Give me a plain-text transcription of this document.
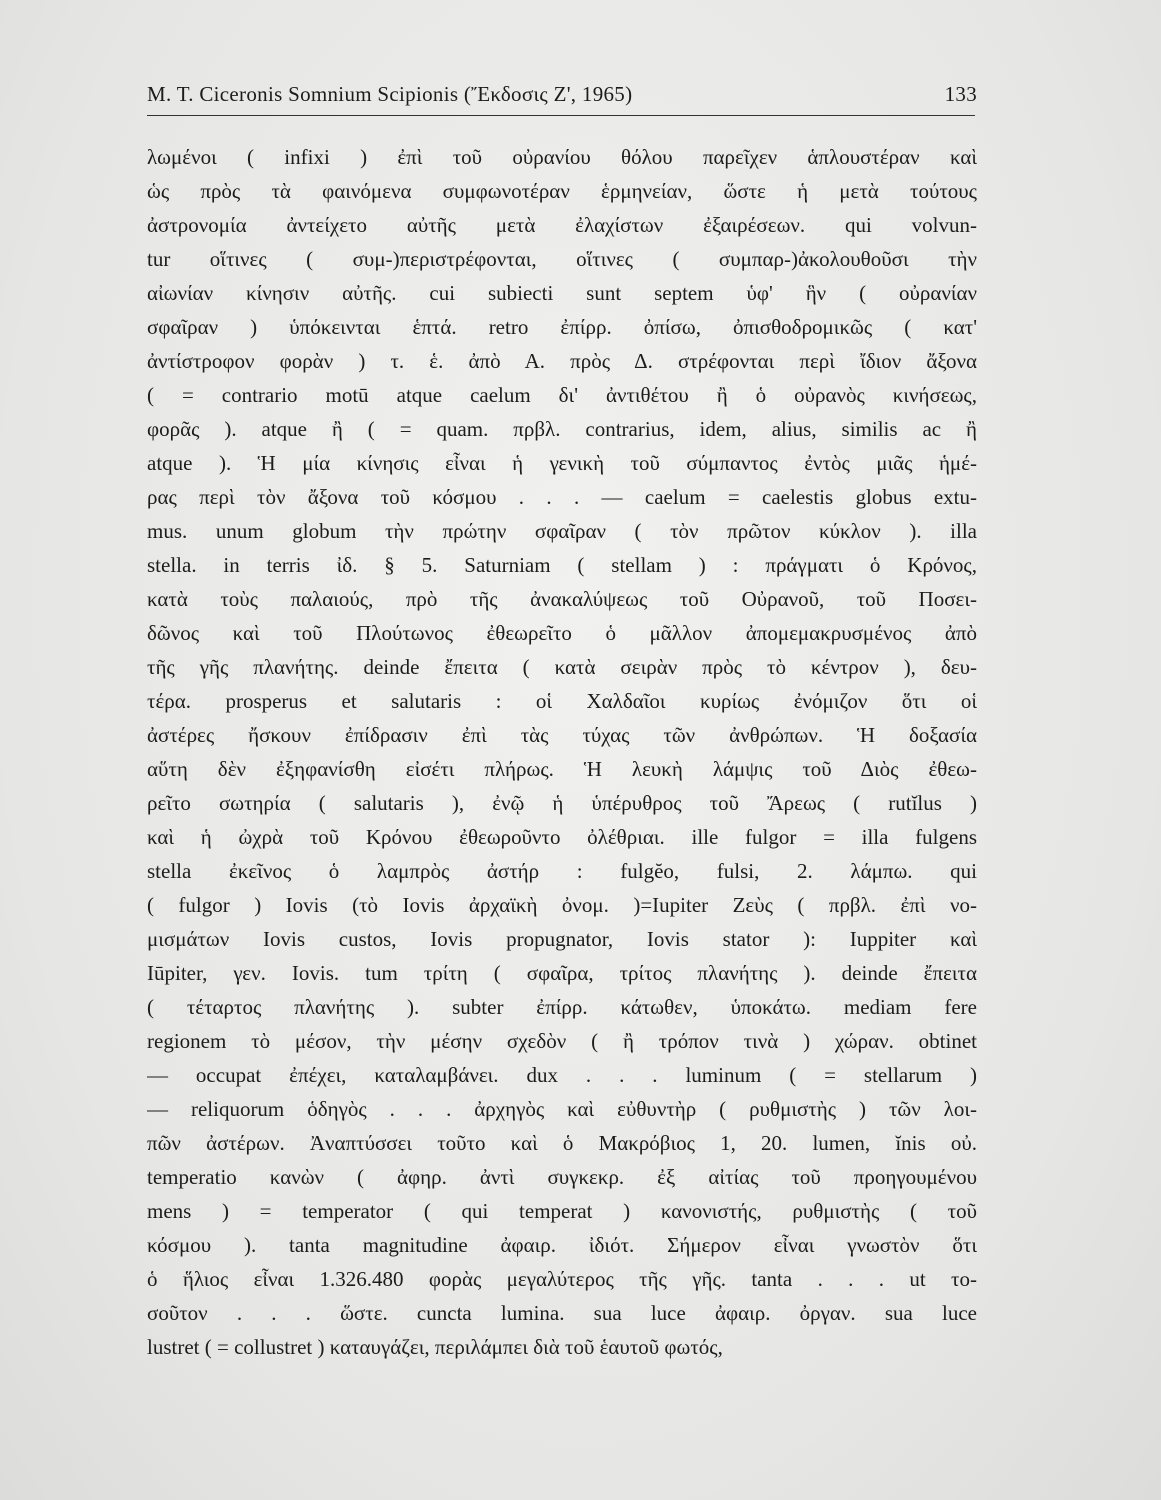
M. T. Ciceronis Somnium Scipionis (Ἔκδοσις Ζ', 1965)	133
λωμένοι ( infixi ) ἐπὶ τοῦ οὐρανίου θόλου παρεῖχεν ἁπλουστέραν καὶ
ὡς πρὸς τὰ φαινόμενα συμφωνοτέραν ἑρμηνείαν, ὥστε ἡ μετὰ τούτους
ἀστρονομία ἀντείχετο αὐτῆς μετὰ ἐλαχίστων ἐξαιρέσεων. qui volvun-
tur οἵτινες ( συμ-)περιστρέφονται, οἵτινες ( συμπαρ-)ἀκολουθοῦσι τὴν
αἰωνίαν κίνησιν αὐτῆς. cui subiecti sunt septem ὑφ' ἣν ( οὐρανίαν
σφαῖραν ) ὑπόκεινται ἑπτά. retro ἐπίρρ. ὀπίσω, ὀπισθοδρομικῶς ( κατ'
ἀντίστροφον φορὰν ) τ. ἑ. ἀπὸ Α. πρὸς Δ. στρέφονται περὶ ἴδιον ἄξονα
( = contrario motū atque caelum δι' ἀντιθέτου ἢ ὁ οὐρανὸς κινήσεως,
φορᾶς ). atque ἢ ( = quam. πρβλ. contrarius, idem, alius, similis ac ἢ
atque ). Ἡ μία κίνησις εἶναι ἡ γενικὴ τοῦ σύμπαντος ἐντὸς μιᾶς ἡμέ-
ρας περὶ τὸν ἄξονα τοῦ κόσμου . . . — caelum = caelestis globus extu-
mus. unum globum τὴν πρώτην σφαῖραν ( τὸν πρῶτον κύκλον ). illa
stella. in terris ἰδ. § 5. Saturniam ( stellam ) : πράγματι ὁ Κρόνος,
κατὰ τοὺς παλαιούς, πρὸ τῆς ἀνακαλύψεως τοῦ Οὐρανοῦ, τοῦ Ποσει-
δῶνος καὶ τοῦ Πλούτωνος ἐθεωρεῖτο ὁ μᾶλλον ἀπομεμακρυσμένος ἀπὸ
τῆς γῆς πλανήτης. deinde ἔπειτα ( κατὰ σειρὰν πρὸς τὸ κέντρον ), δευ-
τέρα. prosperus et salutaris : οἱ Χαλδαῖοι κυρίως ἐνόμιζον ὅτι οἱ
ἀστέρες ἤσκουν ἐπίδρασιν ἐπὶ τὰς τύχας τῶν ἀνθρώπων. Ἡ δοξασία
αὕτη δὲν ἐξηφανίσθη εἰσέτι πλήρως. Ἡ λευκὴ λάμψις τοῦ Διὸς ἐθεω-
ρεῖτο σωτηρία ( salutaris ), ἐνῷ ἡ ὑπέρυθρος τοῦ Ἄρεως ( rutĭlus )
καὶ ἡ ὠχρὰ τοῦ Κρόνου ἐθεωροῦντο ὀλέθριαι. ille fulgor = illa fulgens
stella ἐκεῖνος ὁ λαμπρὸς ἀστήρ : fulgĕo, fulsi, 2. λάμπω. qui
( fulgor ) Iovis (τὸ Iovis ἀρχαϊκὴ ὀνομ. )=Iupiter Ζεὺς ( πρβλ. ἐπὶ νο-
μισμάτων Iovis custos, Iovis propugnator, Iovis stator ): Iuppiter καὶ
Iūpiter, γεν. Iovis. tum τρίτη ( σφαῖρα, τρίτος πλανήτης ). deinde ἔπειτα
( τέταρτος πλανήτης ). subter ἐπίρρ. κάτωθεν, ὑποκάτω. mediam fere
regionem τὸ μέσον, τὴν μέσην σχεδὸν ( ἢ τρόπον τινὰ ) χώραν. obtinet
— occupat ἐπέχει, καταλαμβάνει. dux . . . luminum ( = stellarum )
— reliquorum ὁδηγὸς . . . ἀρχηγὸς καὶ εὐθυντὴρ ( ρυθμιστὴς ) τῶν λοι-
πῶν ἀστέρων. Ἀναπτύσσει τοῦτο καὶ ὁ Μακρόβιος 1, 20. lumen, ĭnis οὐ.
temperatio κανὼν ( ἀφηρ. ἀντὶ συγκεκρ. ἐξ αἰτίας τοῦ προηγουμένου
mens ) = temperator ( qui temperat ) κανονιστής, ρυθμιστὴς ( τοῦ
κόσμου ). tanta magnitudine ἀφαιρ. ἰδιότ. Σήμερον εἶναι γνωστὸν ὅτι
ὁ ἥλιος εἶναι 1.326.480 φορὰς μεγαλύτερος τῆς γῆς. tanta . . . ut το-
σοῦτον . . . ὥστε. cuncta lumina. sua luce ἀφαιρ. ὀργαν. sua luce
lustret ( = collustret ) καταυγάζει, περιλάμπει διὰ τοῦ ἑαυτοῦ φωτός,
